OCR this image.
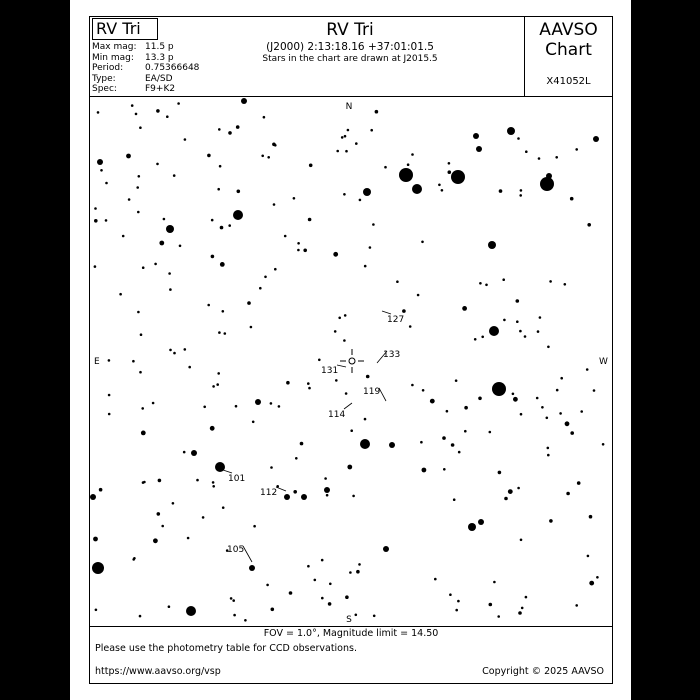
RV Tri
Max mag: 11.5 p
Min mag:	13.3 p
Period:	0.75366648
Type:	EA/SD
Spec:	F9+K2
RV Tri
(J2000) 2:13:18.16 +37:01:01.5
Stars in the chart are drawn at J2015.5
AAVSO
Chart
X41052L
N
S
E	W
127
133
131
119
114
101
112
105
FOV = 1.0°, Magnitude limit = 14.50
Please use the photometry table for CCD observations.
https://www.aavso.org/vsp	Copyright © 2025 AAVSO
